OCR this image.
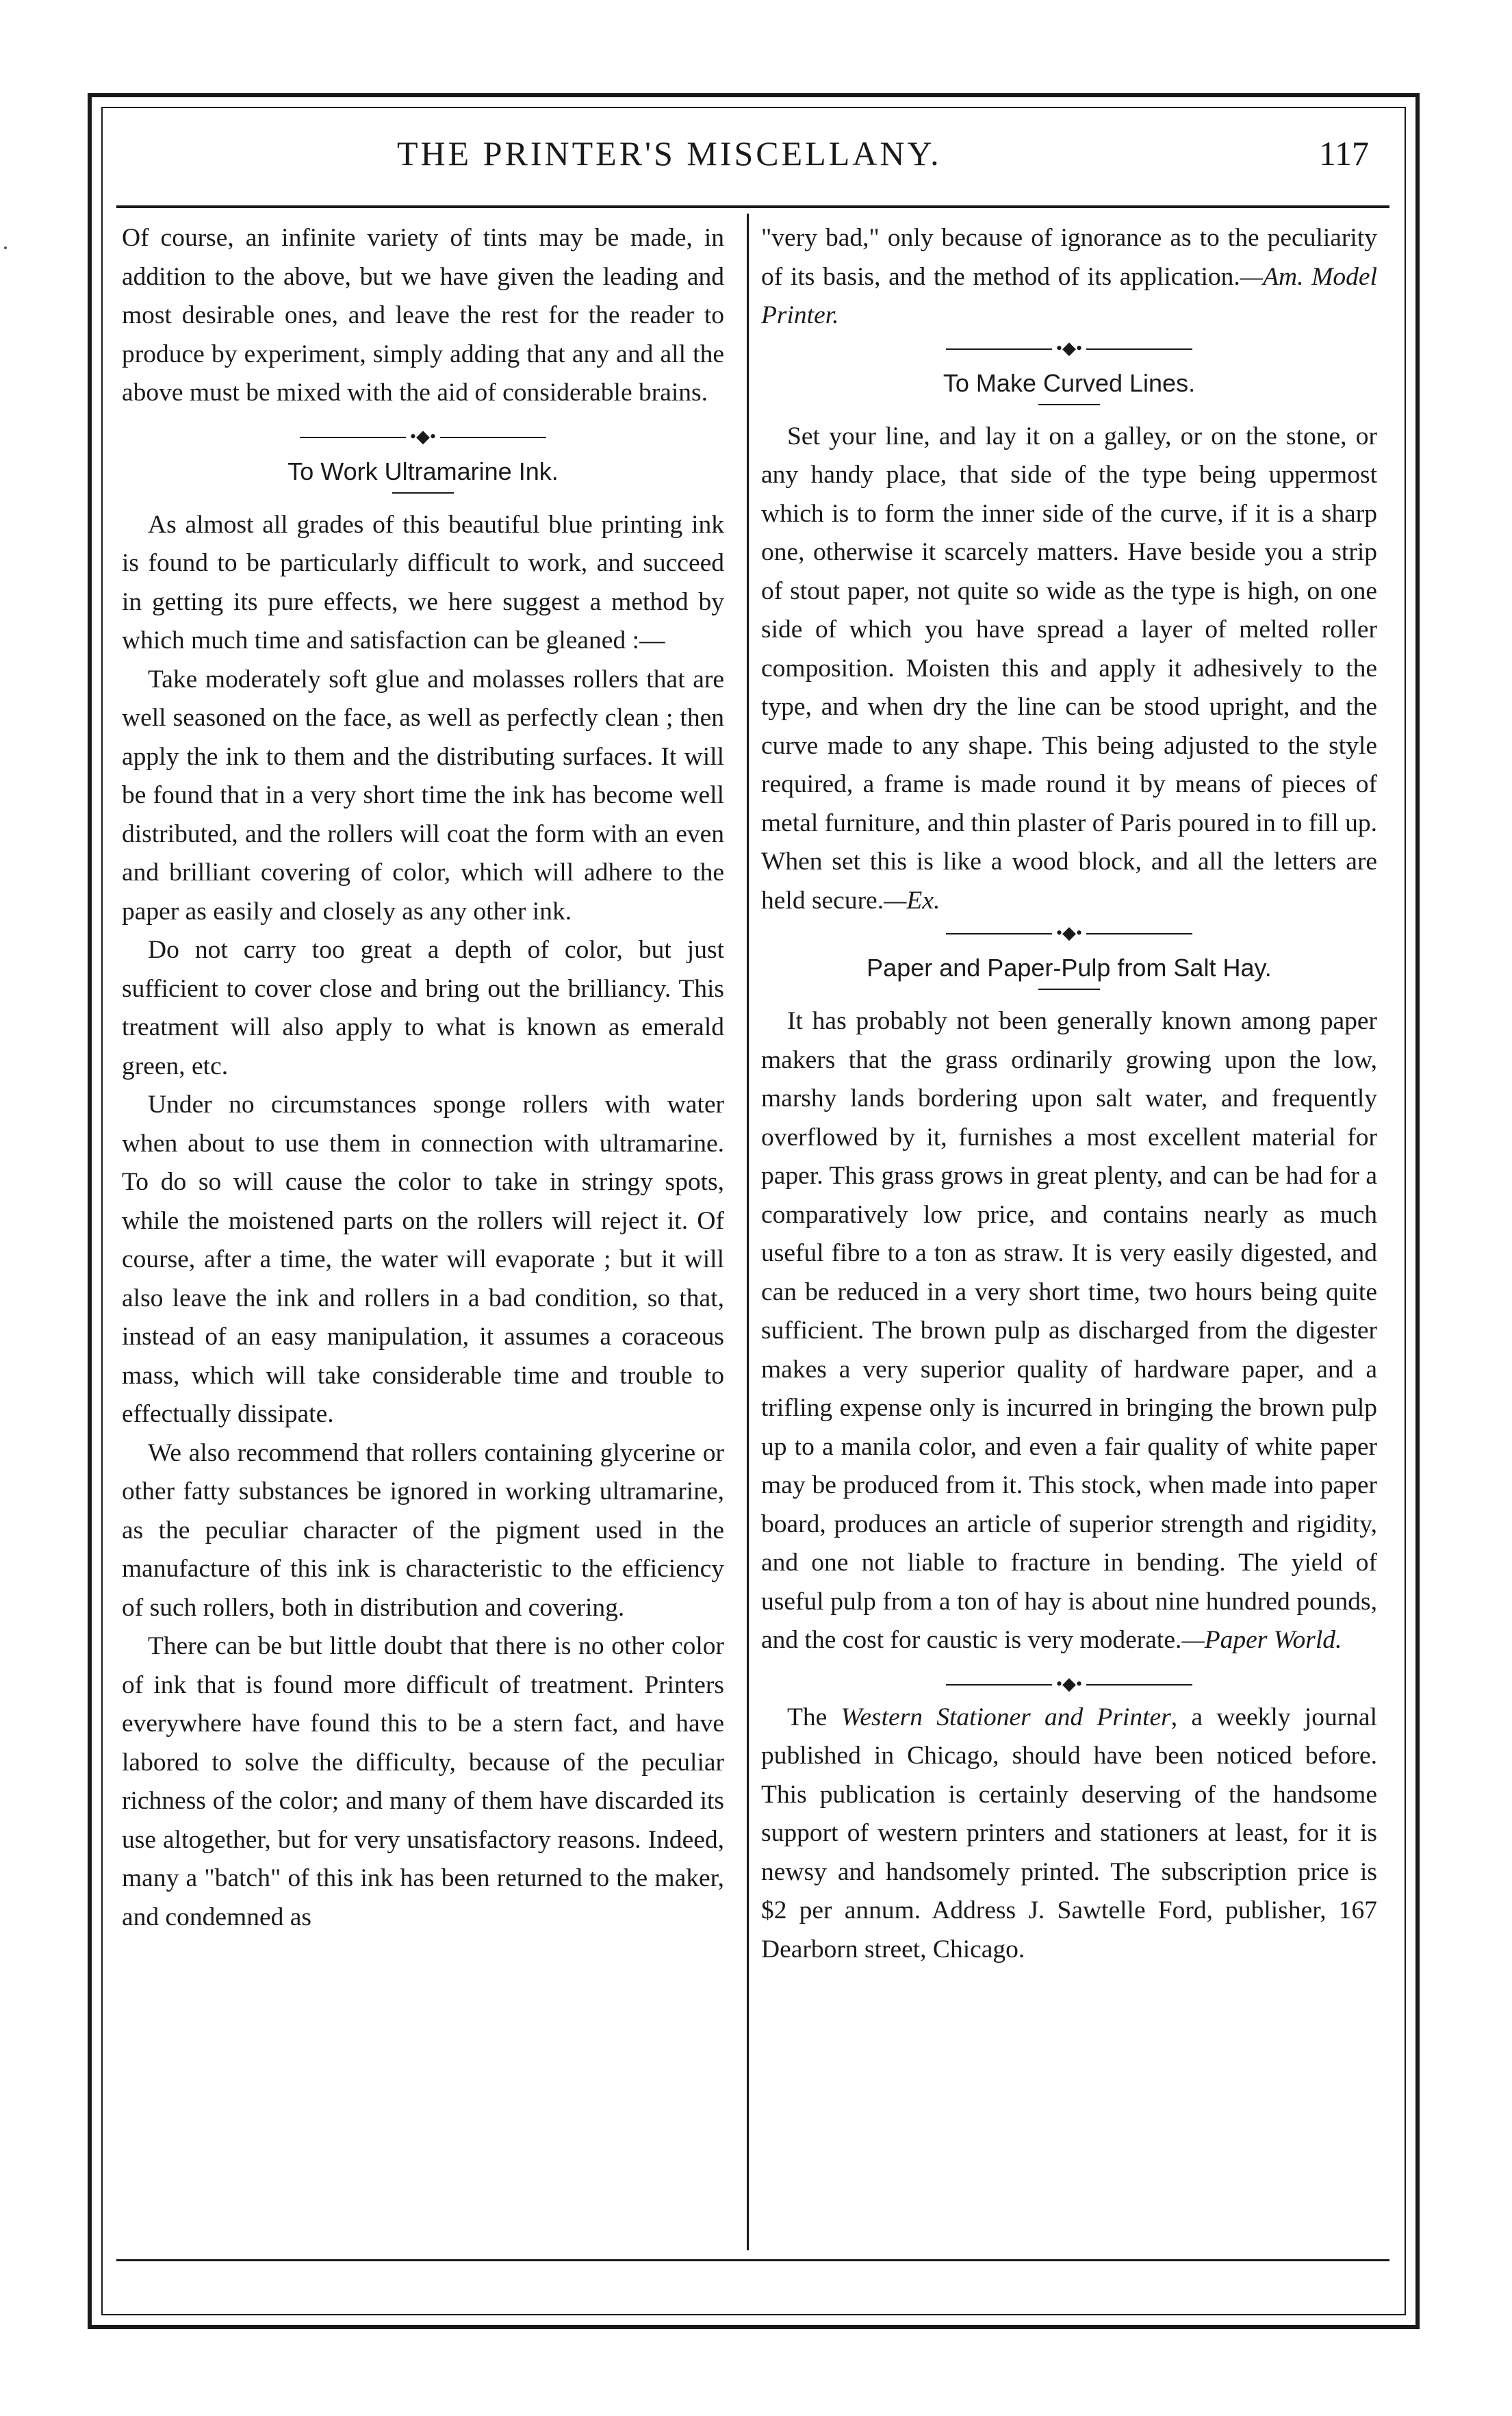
THE PRINTER'S MISCELLANY.	117

Of course, an infinite variety of tints may be made, in addition to the above, but we have given the leading and most desirable ones, and leave the rest for the reader to produce by experiment, simply adding that any and all the above must be mixed with the aid of considerable brains.

•◆•
To Work Ultramarine Ink.

As almost all grades of this beautiful blue printing ink is found to be particularly difficult to work, and succeed in getting its pure effects, we here suggest a method by which much time and satisfaction can be gleaned :—

Take moderately soft glue and molasses rollers that are well seasoned on the face, as well as perfectly clean ; then apply the ink to them and the distributing surfaces. It will be found that in a very short time the ink has become well distributed, and the rollers will coat the form with an even and brilliant covering of color, which will adhere to the paper as easily and closely as any other ink.

Do not carry too great a depth of color, but just sufficient to cover close and bring out the brilliancy. This treatment will also apply to what is known as emerald green, etc.

Under no circumstances sponge rollers with water when about to use them in connection with ultramarine. To do so will cause the color to take in stringy spots, while the moistened parts on the rollers will reject it. Of course, after a time, the water will evaporate ; but it will also leave the ink and rollers in a bad condition, so that, instead of an easy manipulation, it assumes a coraceous mass, which will take considerable time and trouble to effectually dissipate.

We also recommend that rollers containing glycerine or other fatty substances be ignored in working ultramarine, as the peculiar character of the pigment used in the manufacture of this ink is characteristic to the efficiency of such rollers, both in distribution and covering.

There can be but little doubt that there is no other color of ink that is found more difficult of treatment. Printers everywhere have found this to be a stern fact, and have labored to solve the difficulty, because of the peculiar richness of the color; and many of them have discarded its use altogether, but for very unsatisfactory reasons. Indeed, many a "batch" of this ink has been returned to the maker, and condemned as

"very bad," only because of ignorance as to the peculiarity of its basis, and the method of its application.—Am. Model Printer.

•◆•
To Make Curved Lines.

Set your line, and lay it on a galley, or on the stone, or any handy place, that side of the type being uppermost which is to form the inner side of the curve, if it is a sharp one, otherwise it scarcely matters. Have beside you a strip of stout paper, not quite so wide as the type is high, on one side of which you have spread a layer of melted roller composition. Moisten this and apply it adhesively to the type, and when dry the line can be stood upright, and the curve made to any shape. This being adjusted to the style required, a frame is made round it by means of pieces of metal furniture, and thin plaster of Paris poured in to fill up. When set this is like a wood block, and all the letters are held secure.—Ex.

•◆•
Paper and Paper-Pulp from Salt Hay.

It has probably not been generally known among paper makers that the grass ordinarily growing upon the low, marshy lands bordering upon salt water, and frequently overflowed by it, furnishes a most excellent material for paper. This grass grows in great plenty, and can be had for a comparatively low price, and contains nearly as much useful fibre to a ton as straw. It is very easily digested, and can be reduced in a very short time, two hours being quite sufficient. The brown pulp as discharged from the digester makes a very superior quality of hardware paper, and a trifling expense only is incurred in bringing the brown pulp up to a manila color, and even a fair quality of white paper may be produced from it. This stock, when made into paper board, produces an article of superior strength and rigidity, and one not liable to fracture in bending. The yield of useful pulp from a ton of hay is about nine hundred pounds, and the cost for caustic is very moderate.—Paper World.

•◆•

The Western Stationer and Printer, a weekly journal published in Chicago, should have been noticed before. This publication is certainly deserving of the handsome support of western printers and stationers at least, for it is newsy and handsomely printed. The subscription price is $2 per annum. Address J. Sawtelle Ford, publisher, 167 Dearborn street, Chicago.
